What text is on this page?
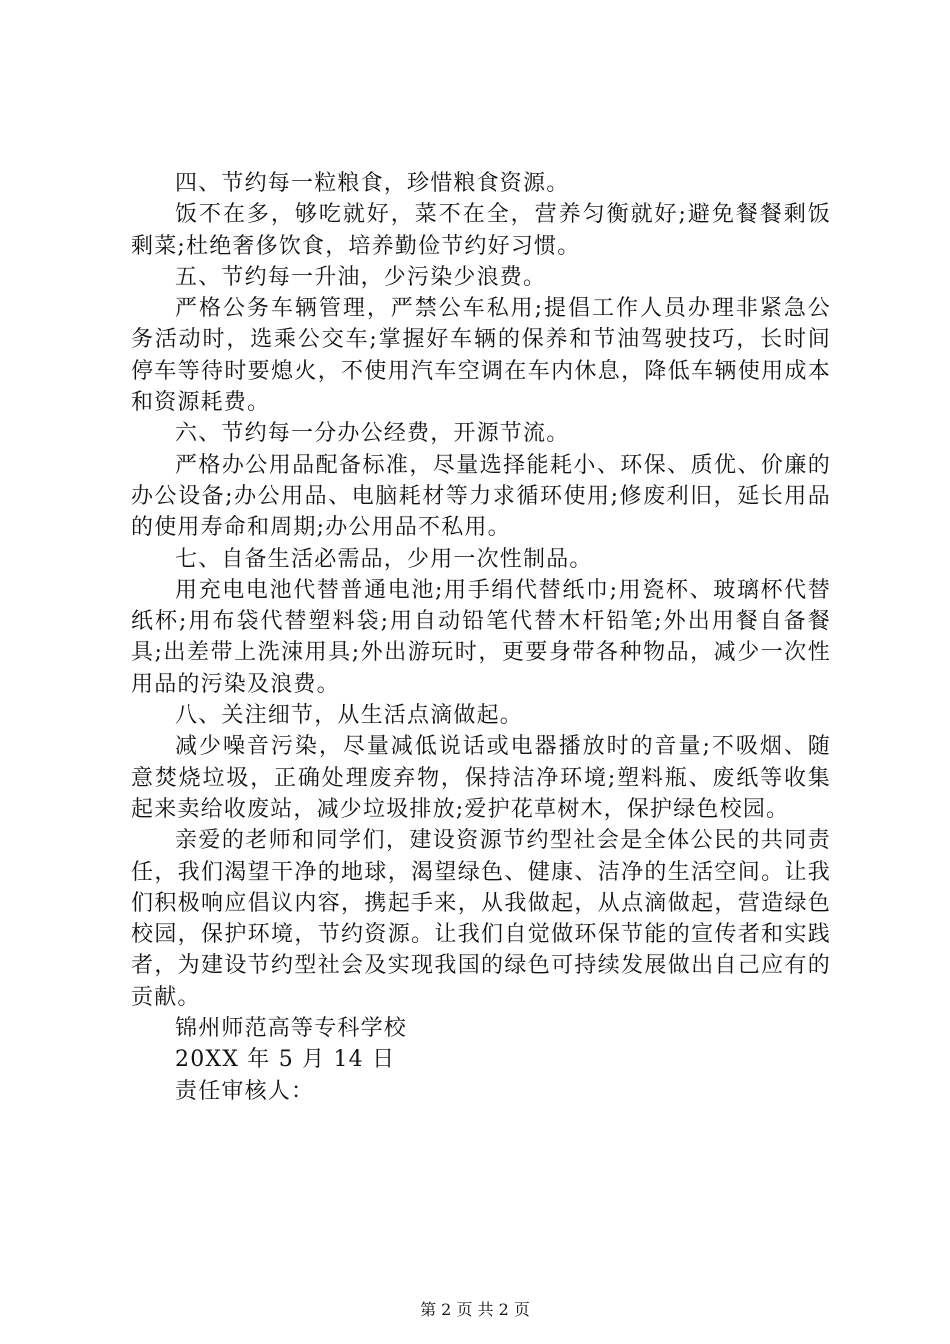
四、节约每一粒粮食，珍惜粮食资源。

饭不在多，够吃就好，菜不在全，营养匀衡就好;避免餐餐剩饭剩菜;杜绝奢侈饮食，培养勤俭节约好习惯。

五、节约每一升油，少污染少浪费。

严格公务车辆管理，严禁公车私用;提倡工作人员办理非紧急公务活动时，选乘公交车;掌握好车辆的保养和节油驾驶技巧，长时间停车等待时要熄火，不使用汽车空调在车内休息，降低车辆使用成本和资源耗费。

六、节约每一分办公经费，开源节流。

严格办公用品配备标准，尽量选择能耗小、环保、质优、价廉的办公设备;办公用品、电脑耗材等力求循环使用;修废利旧，延长用品的使用寿命和周期;办公用品不私用。

七、自备生活必需品，少用一次性制品。

用充电电池代替普通电池;用手绢代替纸巾;用瓷杯、玻璃杯代替纸杯;用布袋代替塑料袋;用自动铅笔代替木杆铅笔;外出用餐自备餐具;出差带上洗涑用具;外出游玩时，更要身带各种物品，减少一次性用品的污染及浪费。

八、关注细节，从生活点滴做起。

减少噪音污染，尽量减低说话或电器播放时的音量;不吸烟、随意焚烧垃圾，正确处理废弃物，保持洁净环境;塑料瓶、废纸等收集起来卖给收废站，减少垃圾排放;爱护花草树木，保护绿色校园。

亲爱的老师和同学们，建设资源节约型社会是全体公民的共同责任，我们渴望干净的地球，渴望绿色、健康、洁净的生活空间。让我们积极响应倡议内容，携起手来，从我做起，从点滴做起，营造绿色校园，保护环境，节约资源。让我们自觉做环保节能的宣传者和实践者，为建设节约型社会及实现我国的绿色可持续发展做出自己应有的贡献。

锦州师范高等专科学校

20XX 年 5 月 14 日

责任审核人：

第 2 页 共 2 页
